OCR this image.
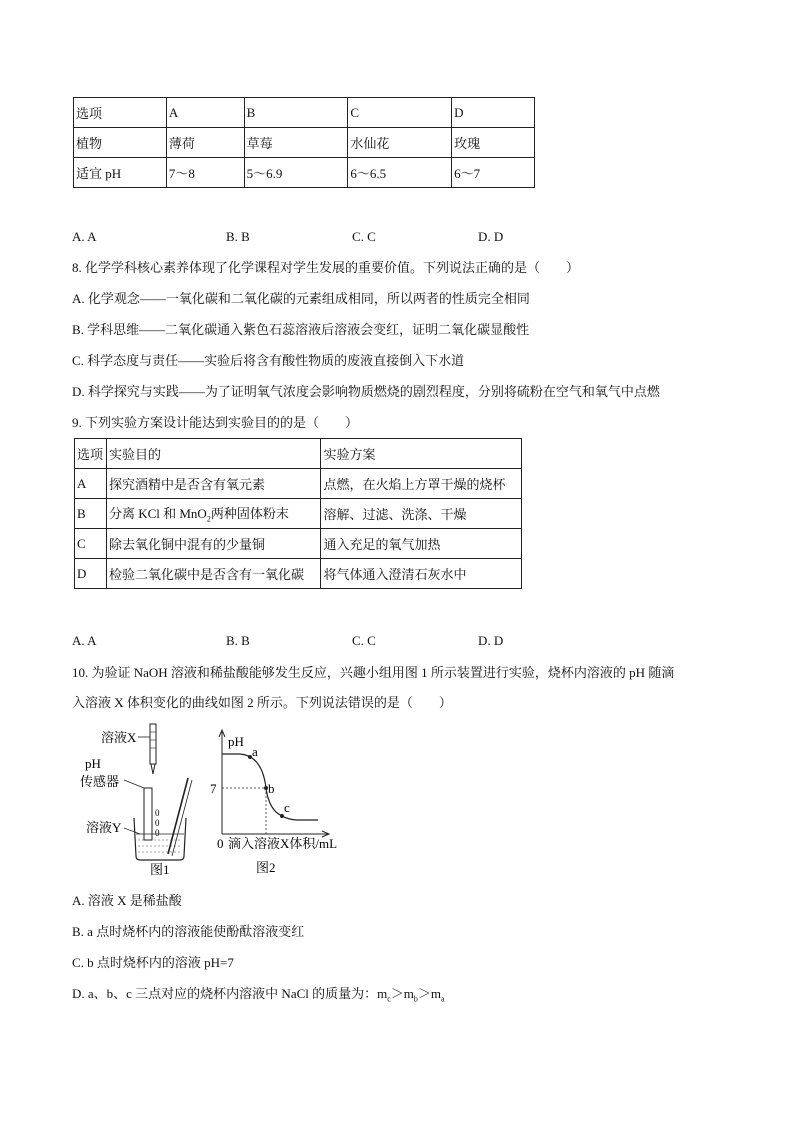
选项	A	B	C	D
植物	薄荷	草莓	水仙花	玫瑰
适宜 pH	7～8	5～6.9	6～6.5	6～7
A. A	B. B	C. C	D. D
8. 化学学科核心素养体现了化学课程对学生发展的重要价值。下列说法正确的是（　　）
A. 化学观念——一氧化碳和二氧化碳的元素组成相同，所以两者的性质完全相同
B. 学科思维——二氧化碳通入紫色石蕊溶液后溶液会变红，证明二氧化碳显酸性
C. 科学态度与责任——实验后将含有酸性物质的废液直接倒入下水道
D. 科学探究与实践——为了证明氧气浓度会影响物质燃烧的剧烈程度，分别将硫粉在空气和氧气中点燃
9. 下列实验方案设计能达到实验目的的是（　　）
选项	实验目的	实验方案
A	探究酒精中是否含有氧元素	点燃，在火焰上方罩干燥的烧杯
B	分离 KCl 和 MnO$_2$两种固体粉末	溶解、过滤、洗涤、干燥
C	除去氧化铜中混有的少量铜	通入充足的氧气加热
D	检验二氧化碳中是否含有一氧化碳	将气体通入澄清石灰水中
A. A	B. B	C. C	D. D
10. 为验证 NaOH 溶液和稀盐酸能够发生反应，兴趣小组用图 1 所示装置进行实验，烧杯内溶液的 pH 随滴
入溶液 X 体积变化的曲线如图 2 所示。下列说法错误的是（　　）
溶液X
pH
传感器
0
0
0
溶液Y
图1
pH
7
0 滴入溶液X体积/mL
a
b
c
图2
A. 溶液 X 是稀盐酸
B. a 点时烧杯内的溶液能使酚酞溶液变红
C. b 点时烧杯内的溶液 pH=7
D. a、b、c 三点对应的烧杯内溶液中 NaCl 的质量为：$m_c>m_b>m_a$
